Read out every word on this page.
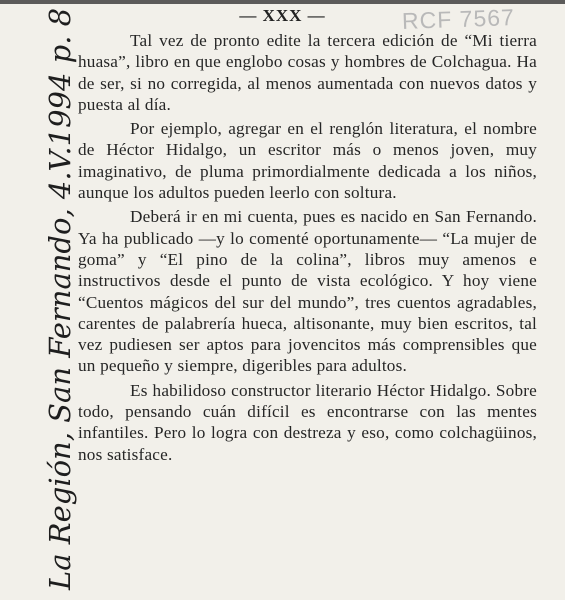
— XXX —	RCF 7567
La Región, San Fernando, 4.V.1994 p. 8	Tal vez de pronto edite la tercera edición de “Mi tierra huasa”, libro en que englobo cosas y hombres de Colchagua. Ha de ser, si no corregida, al menos aumentada con nuevos datos y puesta al día.

Por ejemplo, agregar en el renglón literatura, el nombre de Héctor Hidalgo, un escritor más o menos joven, muy imaginativo, de pluma primordialmente dedicada a los niños, aunque los adultos pueden leerlo con soltura.

Deberá ir en mi cuenta, pues es nacido en San Fernando. Ya ha publicado —y lo comenté oportunamente— “La mujer de goma” y “El pino de la colina”, libros muy amenos e instructivos desde el punto de vista ecológico. Y hoy viene “Cuentos mágicos del sur del mundo”, tres cuentos agradables, carentes de palabrería hueca, altisonante, muy bien escritos, tal vez pudiesen ser aptos para jovencitos más comprensibles que un pequeño y siempre, digeribles para adultos.

Es habilidoso constructor literario Héctor Hidalgo. Sobre todo, pensando cuán difícil es encontrarse con las mentes infantiles. Pero lo logra con destreza y eso, como colchagüinos, nos satisface.
